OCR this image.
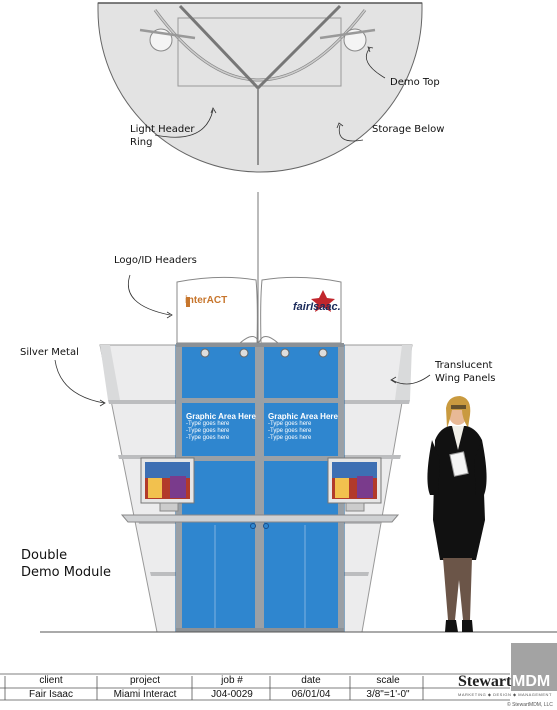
Demo Top
Storage Below
Light Header
Ring
Logo/ID Headers
Silver Metal
Translucent
Wing Panels
Double
Demo Module
interACT
fairIsaac.
Graphic Area Here
-Type goes here
-Type goes here
-Type goes here
Graphic Area Here
-Type goes here
-Type goes here
-Type goes here
client	project	job #	date	scale
Fair Isaac	Miami Interact	J04-0029	06/01/04	3/8"=1'-0"
Stewart MDM
MARKETING ◆ DESIGN ◆ MANAGEMENT
© StewartMDM, LLC
